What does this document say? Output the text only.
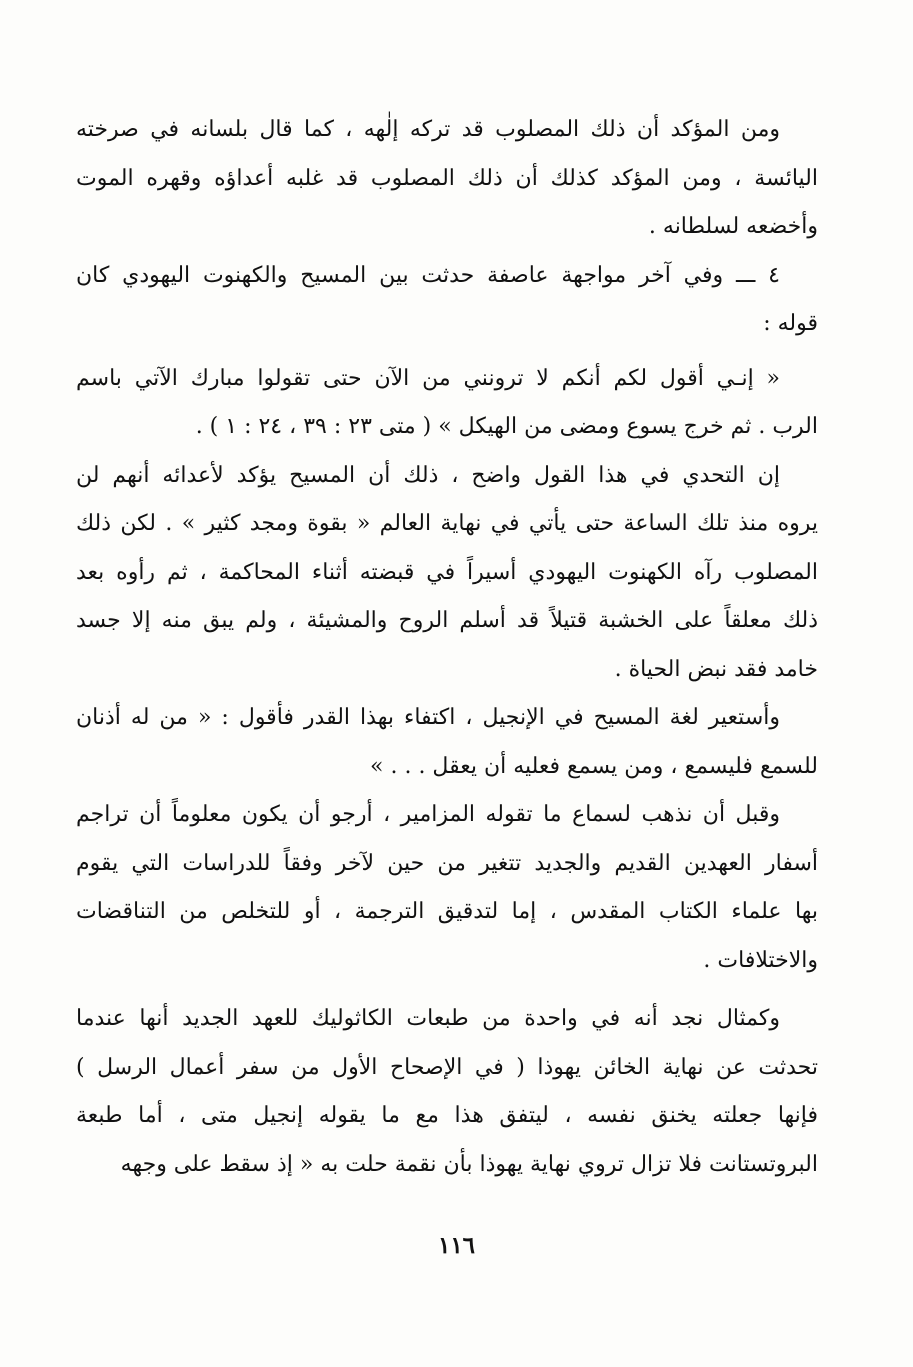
ومن المؤكد أن ذلك المصلوب قد تركه إلٰهه ، كما قال بلسانه في صرخته
اليائسة ، ومن المؤكد كذلك أن ذلك المصلوب قد غلبه أعداؤه وقهره الموت
وأخضعه لسلطانه .
٤ ـــ وفي آخر مواجهة عاصفة حدثت بين المسيح والكهنوت اليهودي كان
قوله :
« إنـي أقول لكم أنكم لا ترونني من الآن حتى تقولوا مبارك الآتي باسم
الرب . ثم خرج يسوع ومضى من الهيكل » ( متى ٢٣ : ٣٩ ، ٢٤ : ١ ) .
إن التحدي في هذا القول واضح ، ذلك أن المسيح يؤكد لأعدائه أنهم لن
يروه منذ تلك الساعة حتى يأتي في نهاية العالم « بقوة ومجد كثير » . لكن ذلك
المصلوب رآه الكهنوت اليهودي أسيراً في قبضته أثناء المحاكمة ، ثم رأوه بعد
ذلك معلقاً على الخشبة قتيلاً قد أسلم الروح والمشيئة ، ولم يبق منه إلا جسد
خامد فقد نبض الحياة .
وأستعير لغة المسيح في الإنجيل ، اكتفاء بهذا القدر فأقول : « من له أذنان
للسمع فليسمع ، ومن يسمع فعليه أن يعقل . . . »
وقبل أن نذهب لسماع ما تقوله المزامير ، أرجو أن يكون معلوماً أن تراجم
أسفار العهدين القديم والجديد تتغير من حين لآخر وفقاً للدراسات التي يقوم
بها علماء الكتاب المقدس ، إما لتدقيق الترجمة ، أو للتخلص من التناقضات
والاختلافات .
وكمثال نجد أنه في واحدة من طبعات الكاثوليك للعهد الجديد أنها عندما
تحدثت عن نهاية الخائن يهوذا ( في الإصحاح الأول من سفر أعمال الرسل )
فإنها جعلته يخنق نفسه ، ليتفق هذا مع ما يقوله إنجيل متى ، أما طبعة
البروتستانت فلا تزال تروي نهاية يهوذا بأن نقمة حلت به « إذ سقط على وجهه
١١٦
